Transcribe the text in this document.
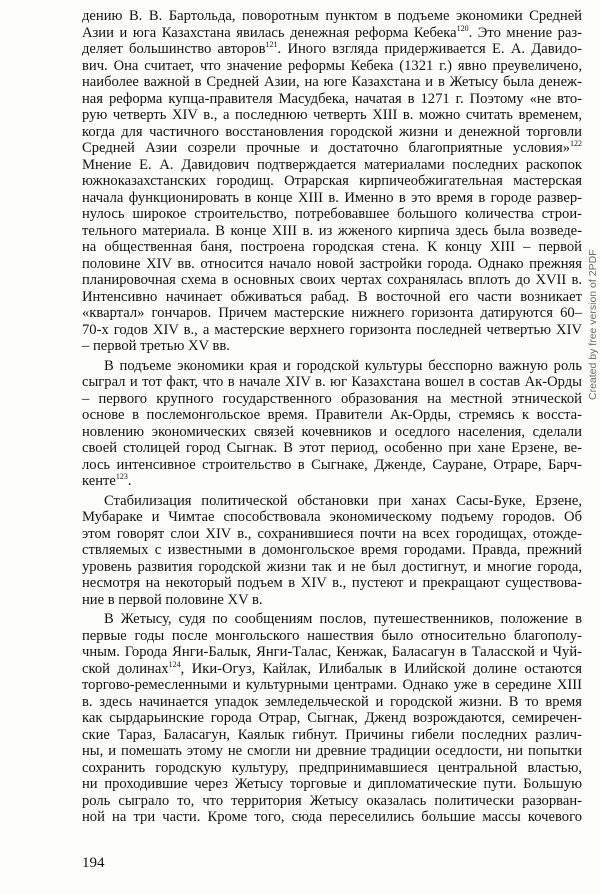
дению В. В. Бартольда, поворотным пунктом в подъеме экономики Средней
Азии и юга Казахстана явилась денежная реформа Кебека$^{120}$. Это мнение раз-
деляет большинство авторов$^{121}$. Иного взгляда придерживается Е. А. Давидо-
вич. Она считает, что значение реформы Кебека (1321 г.) явно преувеличено,
наиболее важной в Средней Азии, на юге Казахстана и в Жетысу была денеж-
ная реформа купца-правителя Масудбека, начатая в 1271 г. Поэтому «не вто-
рую четверть XIV в., а последнюю четверть XIII в. можно считать временем,
когда для частичного восстановления городской жизни и денежной торговли
Средней Азии созрели прочные и достаточно благоприятные условия»$^{122}$
Мнение Е. А. Давидович подтверждается материалами последних раскопок
южноказахстанских городищ. Отрарская кирпичеобжигательная мастерская
начала функционировать в конце XIII в. Именно в это время в городе развер-
нулось широкое строительство, потребовавшее большого количества строи-
тельного материала. В конце XIII в. из жженого кирпича здесь была возведе-
на общественная баня, построена городская стена. К концу XIII – первой
половине XIV вв. относится начало новой застройки города. Однако прежняя
планировочная схема в основных своих чертах сохранялась вплоть до XVII в.
Интенсивно начинает обживаться рабад. В восточной его части возникает
«квартал» гончаров. Причем мастерские нижнего горизонта датируются 60–
70-х годов XIV в., а мастерские верхнего горизонта последней четвертью XIV
– первой третью XV вв.

В подъеме экономики края и городской культуры бесспорно важную роль
сыграл и тот факт, что в начале XIV в. юг Казахстана вошел в состав Ак-Орды
– первого крупного государственного образования на местной этнической
основе в послемонгольское время. Правители Ак-Орды, стремясь к восста-
новлению экономических связей кочевников и оседлого населения, сделали
своей столицей город Сыгнак. В этот период, особенно при хане Ерзене, ве-
лось интенсивное строительство в Сыгнаке, Дженде, Сауране, Отраре, Барч-
кенте$^{123}$.

Стабилизация политической обстановки при ханах Сасы-Буке, Ерзене,
Мубараке и Чимтае способствовала экономическому подъему городов. Об
этом говорят слои XIV в., сохранившиеся почти на всех городищах, отожде-
ствляемых с известными в домонгольское время городами. Правда, прежний
уровень развития городской жизни так и не был достигнут, и многие города,
несмотря на некоторый подъем в XIV в., пустеют и прекращают существова-
ние в первой половине XV в.

В Жетысу, судя по сообщениям послов, путешественников, положение в
первые годы после монгольского нашествия было относительно благополу-
чным. Города Янги-Балык, Янги-Талас, Кенжак, Баласагун в Таласской и Чуй-
ской долинах$^{124}$, Ики-Огуз, Кайлак, Илибалык в Илийской долине остаются
торгово-ремесленными и культурными центрами. Однако уже в середине XIII
в. здесь начинается упадок земледельческой и городской жизни. В то время
как сырдарьинские города Отрар, Сыгнак, Дженд возрождаются, семиречен-
ские Тараз, Баласагун, Каялык гибнут. Причины гибели последних различ-
ны, и помешать этому не смогли ни древние традиции оседлости, ни попытки
сохранить городскую культуру, предпринимавшиеся центральной властью,
ни проходившие через Жетысу торговые и дипломатические пути. Большую
роль сыграло то, что территория Жетысу оказалась политически разорван-
ной на три части. Кроме того, сюда переселились большие массы кочевого

194
Created by free version of 2PDF
